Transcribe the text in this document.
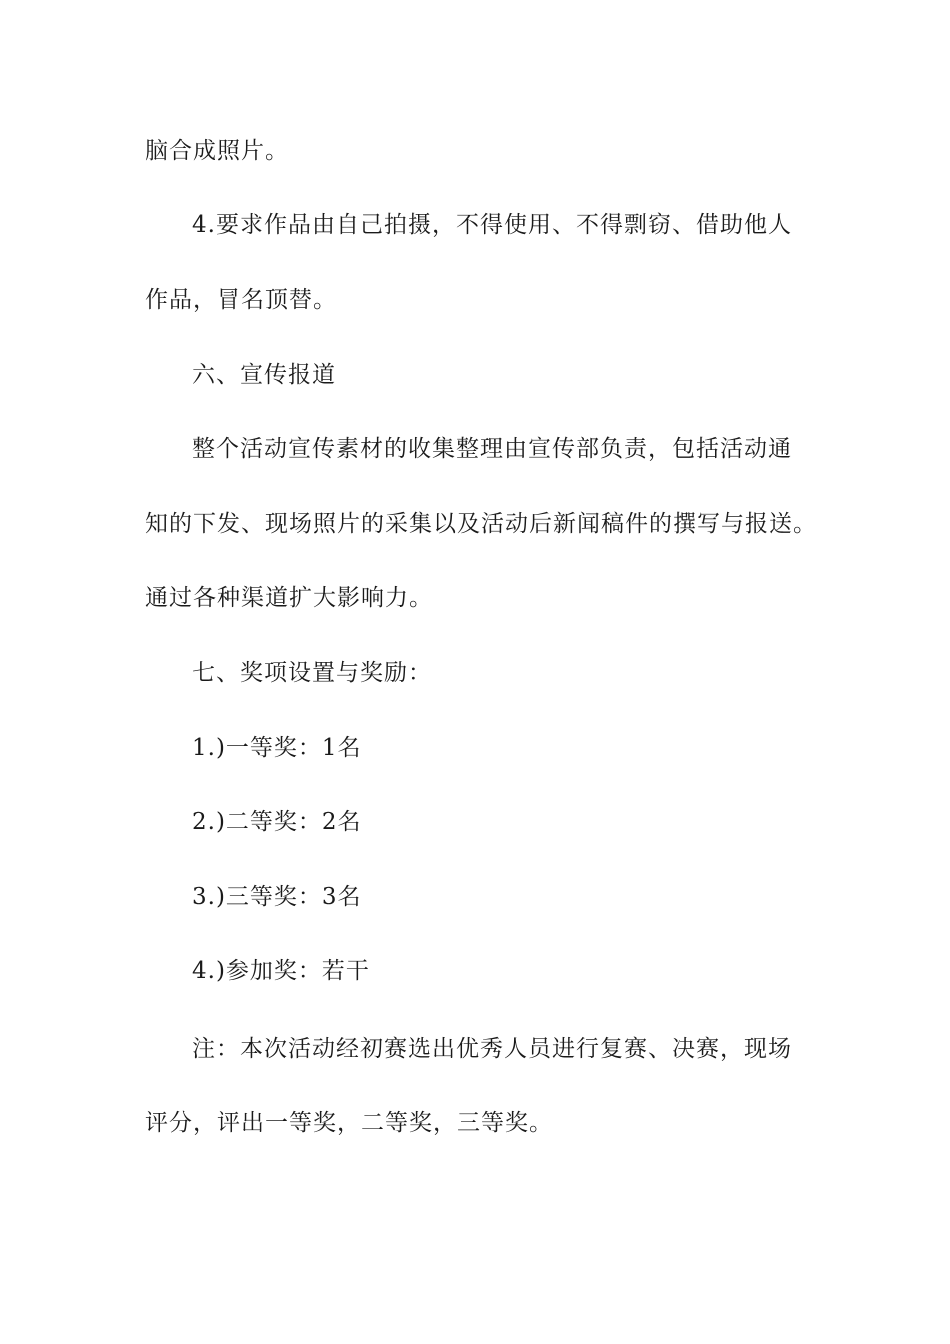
脑合成照片。
4.要求作品由自己拍摄，不得使用、不得剽窃、借助他人
作品，冒名顶替。
六、宣传报道
整个活动宣传素材的收集整理由宣传部负责，包括活动通
知的下发、现场照片的采集以及活动后新闻稿件的撰写与报送。
通过各种渠道扩大影响力。
七、奖项设置与奖励：
1.)一等奖：1名
2.)二等奖：2名
3.)三等奖：3名
4.)参加奖：若干
注：本次活动经初赛选出优秀人员进行复赛、决赛，现场
评分，评出一等奖，二等奖，三等奖。
